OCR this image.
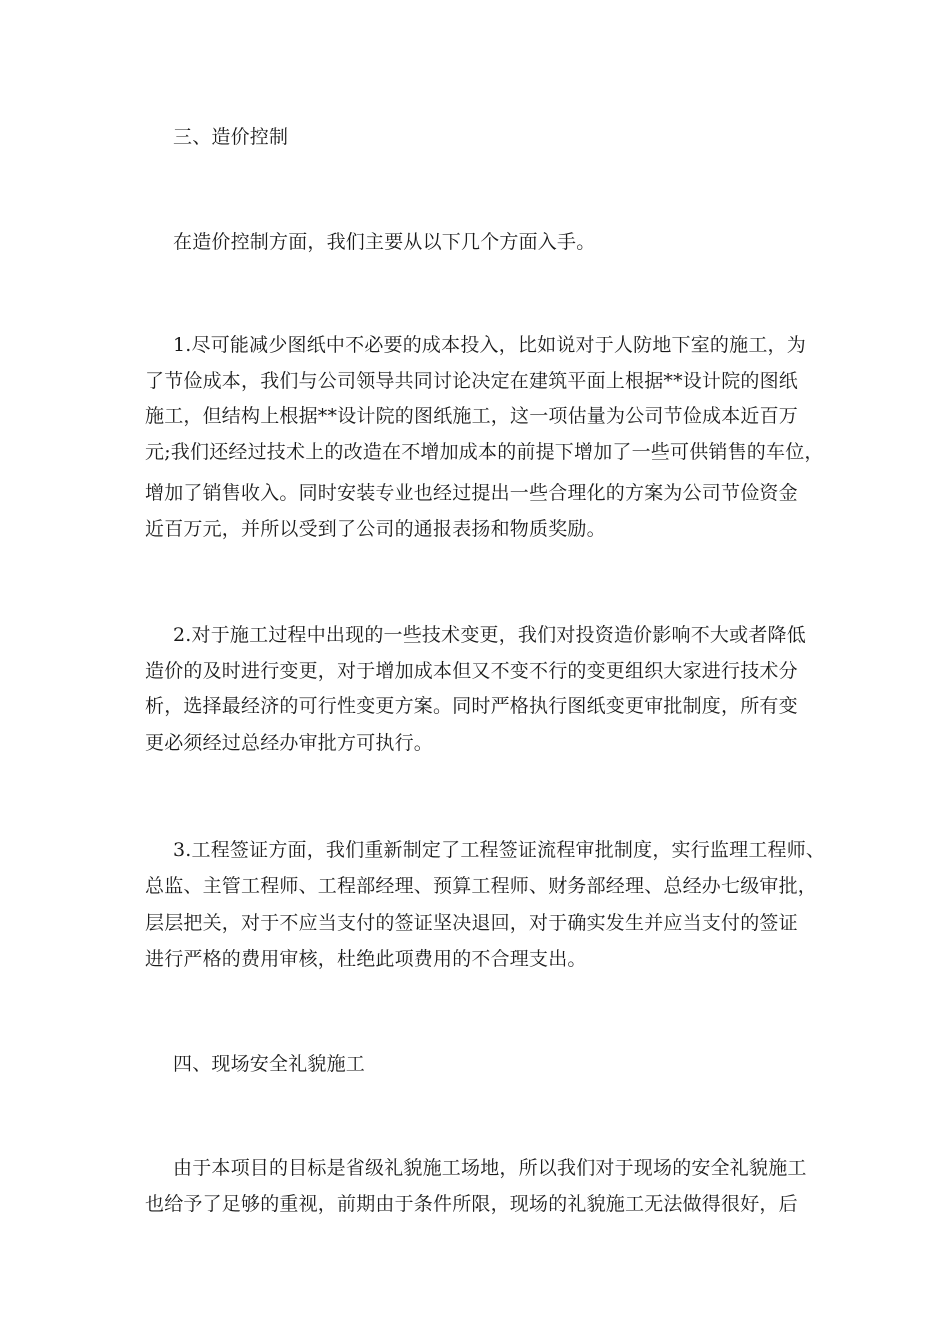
三、造价控制
在造价控制方面，我们主要从以下几个方面入手。
1.尽可能减少图纸中不必要的成本投入，比如说对于人防地下室的施工，为
了节俭成本，我们与公司领导共同讨论决定在建筑平面上根据**设计院的图纸
施工，但结构上根据**设计院的图纸施工，这一项估量为公司节俭成本近百万
元;我们还经过技术上的改造在不增加成本的前提下增加了一些可供销售的车位，
增加了销售收入。同时安装专业也经过提出一些合理化的方案为公司节俭资金
近百万元，并所以受到了公司的通报表扬和物质奖励。
2.对于施工过程中出现的一些技术变更，我们对投资造价影响不大或者降低
造价的及时进行变更，对于增加成本但又不变不行的变更组织大家进行技术分
析，选择最经济的可行性变更方案。同时严格执行图纸变更审批制度，所有变
更必须经过总经办审批方可执行。
3.工程签证方面，我们重新制定了工程签证流程审批制度，实行监理工程师、
总监、主管工程师、工程部经理、预算工程师、财务部经理、总经办七级审批，
层层把关，对于不应当支付的签证坚决退回，对于确实发生并应当支付的签证
进行严格的费用审核，杜绝此项费用的不合理支出。
四、现场安全礼貌施工
由于本项目的目标是省级礼貌施工场地，所以我们对于现场的安全礼貌施工
也给予了足够的重视，前期由于条件所限，现场的礼貌施工无法做得很好，后
